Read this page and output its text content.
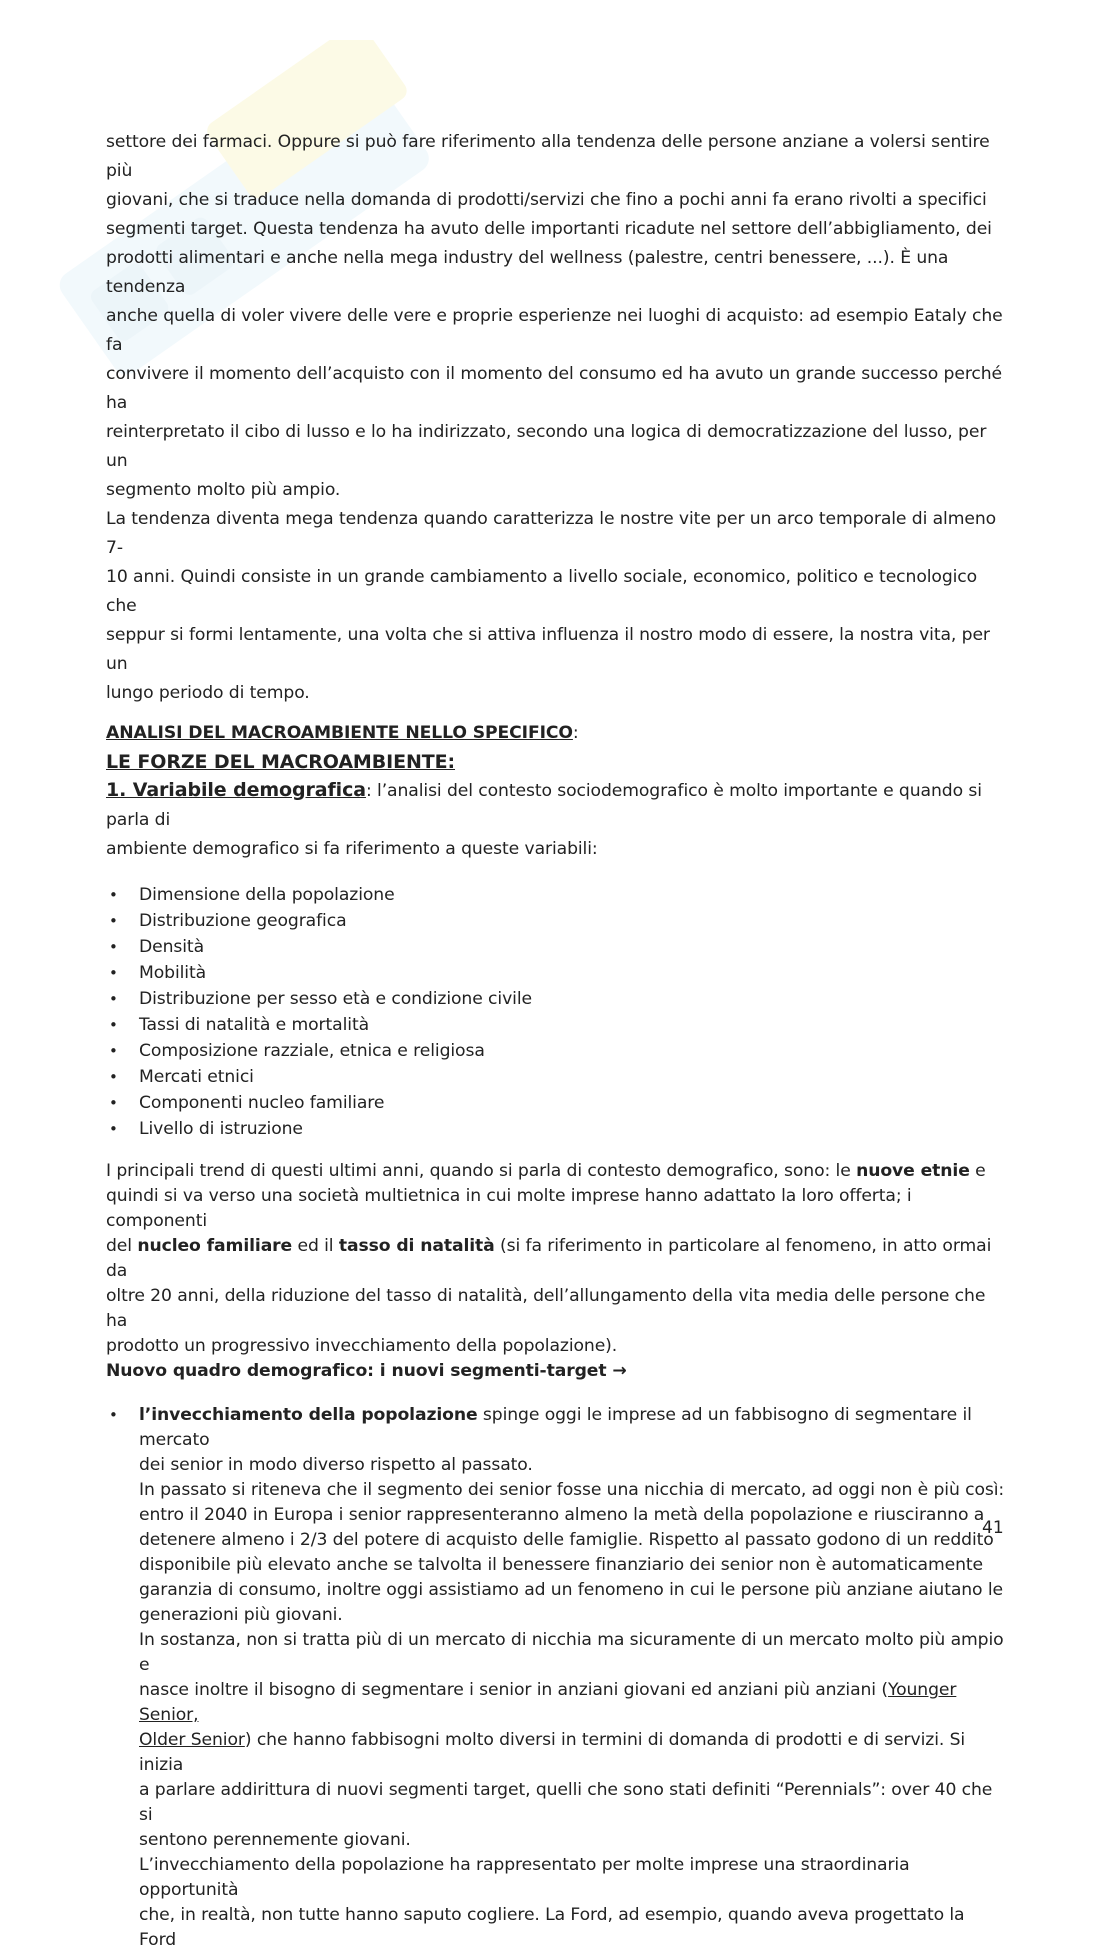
settore dei farmaci. Oppure si può fare riferimento alla tendenza delle persone anziane a volersi sentire più
giovani, che si traduce nella domanda di prodotti/servizi che fino a pochi anni fa erano rivolti a specifici
segmenti target. Questa tendenza ha avuto delle importanti ricadute nel settore dell’abbigliamento, dei
prodotti alimentari e anche nella mega industry del wellness (palestre, centri benessere, ...). È una tendenza
anche quella di voler vivere delle vere e proprie esperienze nei luoghi di acquisto: ad esempio Eataly che fa
convivere il momento dell’acquisto con il momento del consumo ed ha avuto un grande successo perché ha
reinterpretato il cibo di lusso e lo ha indirizzato, secondo una logica di democratizzazione del lusso, per un
segmento molto più ampio.

La tendenza diventa mega tendenza quando caratterizza le nostre vite per un arco temporale di almeno 7-
10 anni. Quindi consiste in un grande cambiamento a livello sociale, economico, politico e tecnologico che
seppur si formi lentamente, una volta che si attiva influenza il nostro modo di essere, la nostra vita, per un
lungo periodo di tempo.

ANALISI DEL MACROAMBIENTE NELLO SPECIFICO:

LE FORZE DEL MACROAMBIENTE:

1. Variabile demografica: l’analisi del contesto sociodemografico è molto importante e quando si parla di
ambiente demografico si fa riferimento a queste variabili:

• Dimensione della popolazione
• Distribuzione geografica
• Densità
• Mobilità
• Distribuzione per sesso età e condizione civile
• Tassi di natalità e mortalità
• Composizione razziale, etnica e religiosa
• Mercati etnici
• Componenti nucleo familiare
• Livello di istruzione

I principali trend di questi ultimi anni, quando si parla di contesto demografico, sono: le nuove etnie e
quindi si va verso una società multietnica in cui molte imprese hanno adattato la loro offerta; i componenti
del nucleo familiare ed il tasso di natalità (si fa riferimento in particolare al fenomeno, in atto ormai da
oltre 20 anni, della riduzione del tasso di natalità, dell’allungamento della vita media delle persone che ha
prodotto un progressivo invecchiamento della popolazione).
Nuovo quadro demografico: i nuovi segmenti-target →

• l’invecchiamento della popolazione spinge oggi le imprese ad un fabbisogno di segmentare il mercato
dei senior in modo diverso rispetto al passato.
In passato si riteneva che il segmento dei senior fosse una nicchia di mercato, ad oggi non è più così:
entro il 2040 in Europa i senior rappresenteranno almeno la metà della popolazione e riusciranno a
detenere almeno i 2/3 del potere di acquisto delle famiglie. Rispetto al passato godono di un reddito
disponibile più elevato anche se talvolta il benessere finanziario dei senior non è automaticamente
garanzia di consumo, inoltre oggi assistiamo ad un fenomeno in cui le persone più anziane aiutano le
generazioni più giovani.
In sostanza, non si tratta più di un mercato di nicchia ma sicuramente di un mercato molto più ampio e
nasce inoltre il bisogno di segmentare i senior in anziani giovani ed anziani più anziani (Younger Senior,
Older Senior) che hanno fabbisogni molto diversi in termini di domanda di prodotti e di servizi. Si inizia
a parlare addirittura di nuovi segmenti target, quelli che sono stati definiti “Perennials”: over 40 che si
sentono perennemente giovani.
L’invecchiamento della popolazione ha rappresentato per molte imprese una straordinaria opportunità
che, in realtà, non tutte hanno saputo cogliere. La Ford, ad esempio, quando aveva progettato la Ford
41
